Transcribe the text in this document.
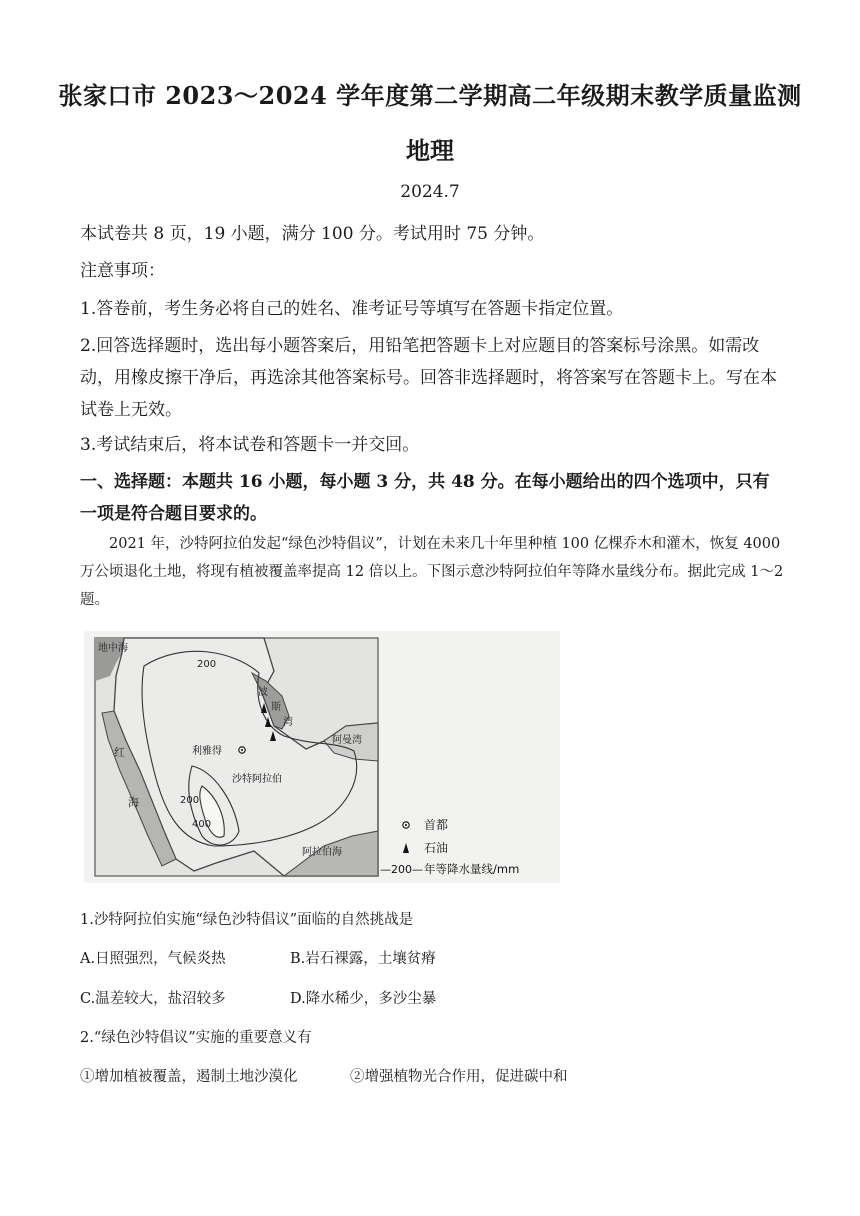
张家口市 2023～2024 学年度第二学期高二年级期末教学质量监测
地理
2024.7
本试卷共 8 页，19 小题，满分 100 分。考试用时 75 分钟。
注意事项：
1.答卷前，考生务必将自己的姓名、准考证号等填写在答题卡指定位置。
2.回答选择题时，选出每小题答案后，用铅笔把答题卡上对应题目的答案标号涂黑。如需改动，用橡皮擦干净后，再选涂其他答案标号。回答非选择题时，将答案写在答题卡上。写在本试卷上无效。
3.考试结束后，将本试卷和答题卡一并交回。
一、选择题：本题共 16 小题，每小题 3 分，共 48 分。在每小题给出的四个选项中，只有一项是符合题目要求的。
2021 年，沙特阿拉伯发起“绿色沙特倡议”，计划在未来几十年里种植 100 亿棵乔木和灌木，恢复 4000 万公顷退化土地，将现有植被覆盖率提高 12 倍以上。下图示意沙特阿拉伯年等降水量线分布。据此完成 1～2 题。
地中海
200
红
海
波
斯
湾
阿曼湾
利雅得
沙特阿拉伯
200
400
阿拉伯海
首都
石油
—200— 年等降水量线/mm
1.沙特阿拉伯实施“绿色沙特倡议”面临的自然挑战是
A.日照强烈，气候炎热	B.岩石裸露，土壤贫瘠
C.温差较大，盐沼较多	D.降水稀少，多沙尘暴
2.“绿色沙特倡议”实施的重要意义有
①增加植被覆盖，遏制土地沙漠化	②增强植物光合作用，促进碳中和
